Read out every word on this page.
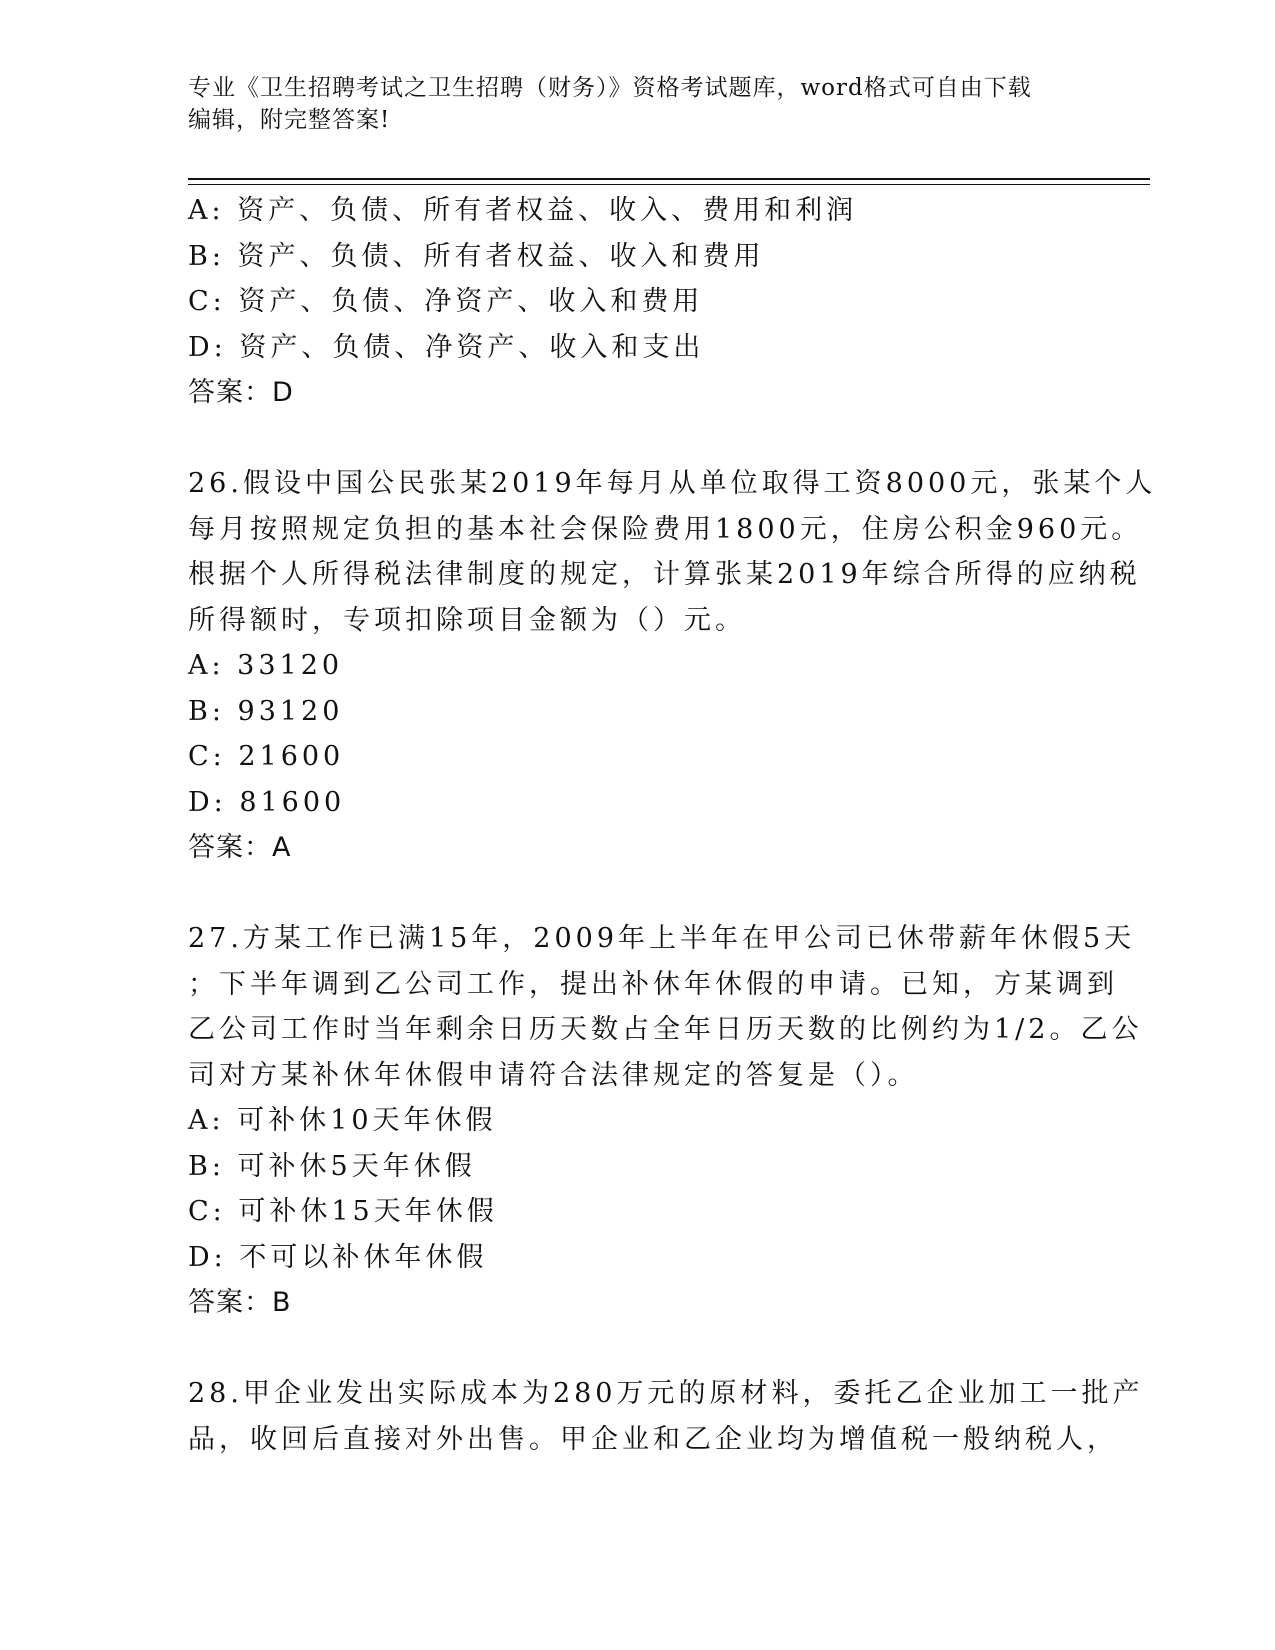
专业《卫生招聘考试之卫生招聘（财务）》资格考试题库，word格式可自由下载
编辑，附完整答案!
A: 资产、负债、所有者权益、收入、费用和利润
B: 资产、负债、所有者权益、收入和费用
C: 资产、负债、净资产、收入和费用
D: 资产、负债、净资产、收入和支出
答案：D
26.假设中国公民张某2019年每月从单位取得工资8000元，张某个人
每月按照规定负担的基本社会保险费用1800元，住房公积金960元。
根据个人所得税法律制度的规定，计算张某2019年综合所得的应纳税
所得额时，专项扣除项目金额为（）元。
A: 33120
B: 93120
C: 21600
D: 81600
答案：A
27.方某工作已满15年，2009年上半年在甲公司已休带薪年休假5天
；下半年调到乙公司工作，提出补休年休假的申请。已知，方某调到
乙公司工作时当年剩余日历天数占全年日历天数的比例约为1/2。乙公
司对方某补休年休假申请符合法律规定的答复是（）。
A: 可补休10天年休假
B: 可补休5天年休假
C: 可补休15天年休假
D: 不可以补休年休假
答案：B
28.甲企业发出实际成本为280万元的原材料，委托乙企业加工一批产
品，收回后直接对外出售。甲企业和乙企业均为增值税一般纳税人，
